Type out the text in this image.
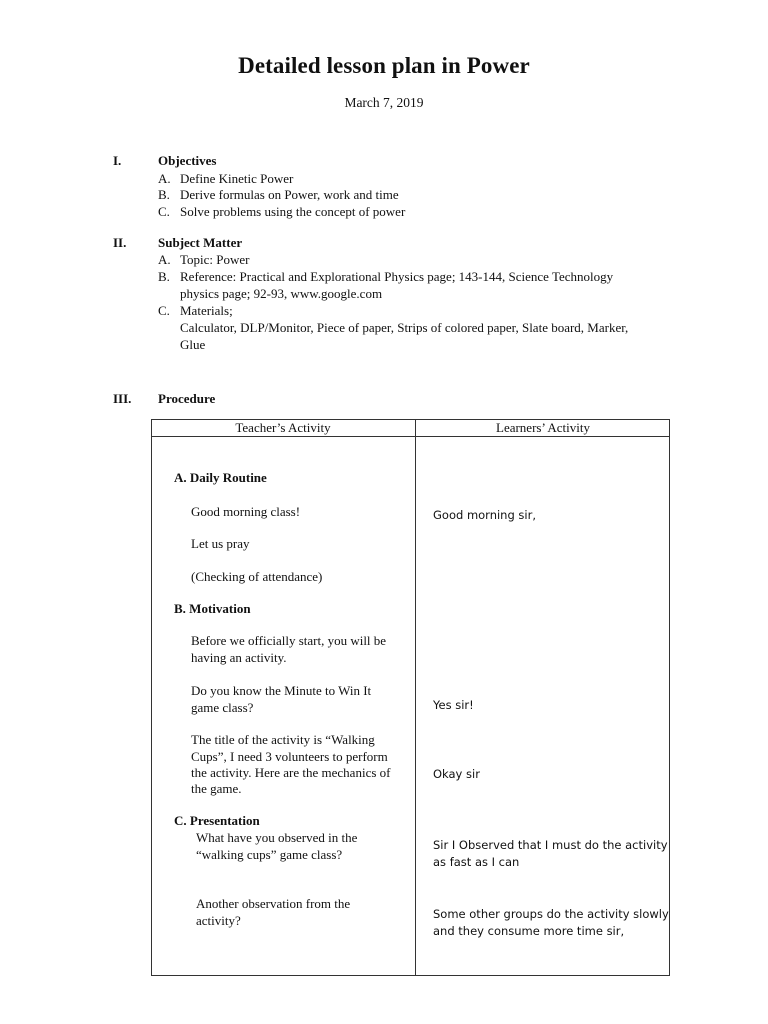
Detailed lesson plan in Power
March 7, 2019
I.	Objectives
A. Define Kinetic Power
B. Derive formulas on Power, work and time
C. Solve problems using the concept of power
II. Subject Matter
A. Topic: Power
B. Reference: Practical and Explorational Physics page; 143-144, Science Technology
physics page; 92-93, www.google.com
C. Materials;
Calculator, DLP/Monitor, Piece of paper, Strips of colored paper, Slate board, Marker,
Glue
III. Procedure
Teacher’s Activity	Learners’ Activity
A. Daily Routine
Good morning class!
Let us pray
(Checking of attendance)
B. Motivation
Before we officially start, you will be
having an activity.
Do you know the Minute to Win It
game class?
The title of the activity is “Walking
Cups”, I need 3 volunteers to perform
the activity. Here are the mechanics of
the game.
C. Presentation
What have you observed in the
“walking cups” game class?
Another observation from the
activity?
Good morning sir,
Yes sir!
Okay sir
Sir I Observed that I must do the activity
as fast as I can
Some other groups do the activity slowly
and they consume more time sir,
